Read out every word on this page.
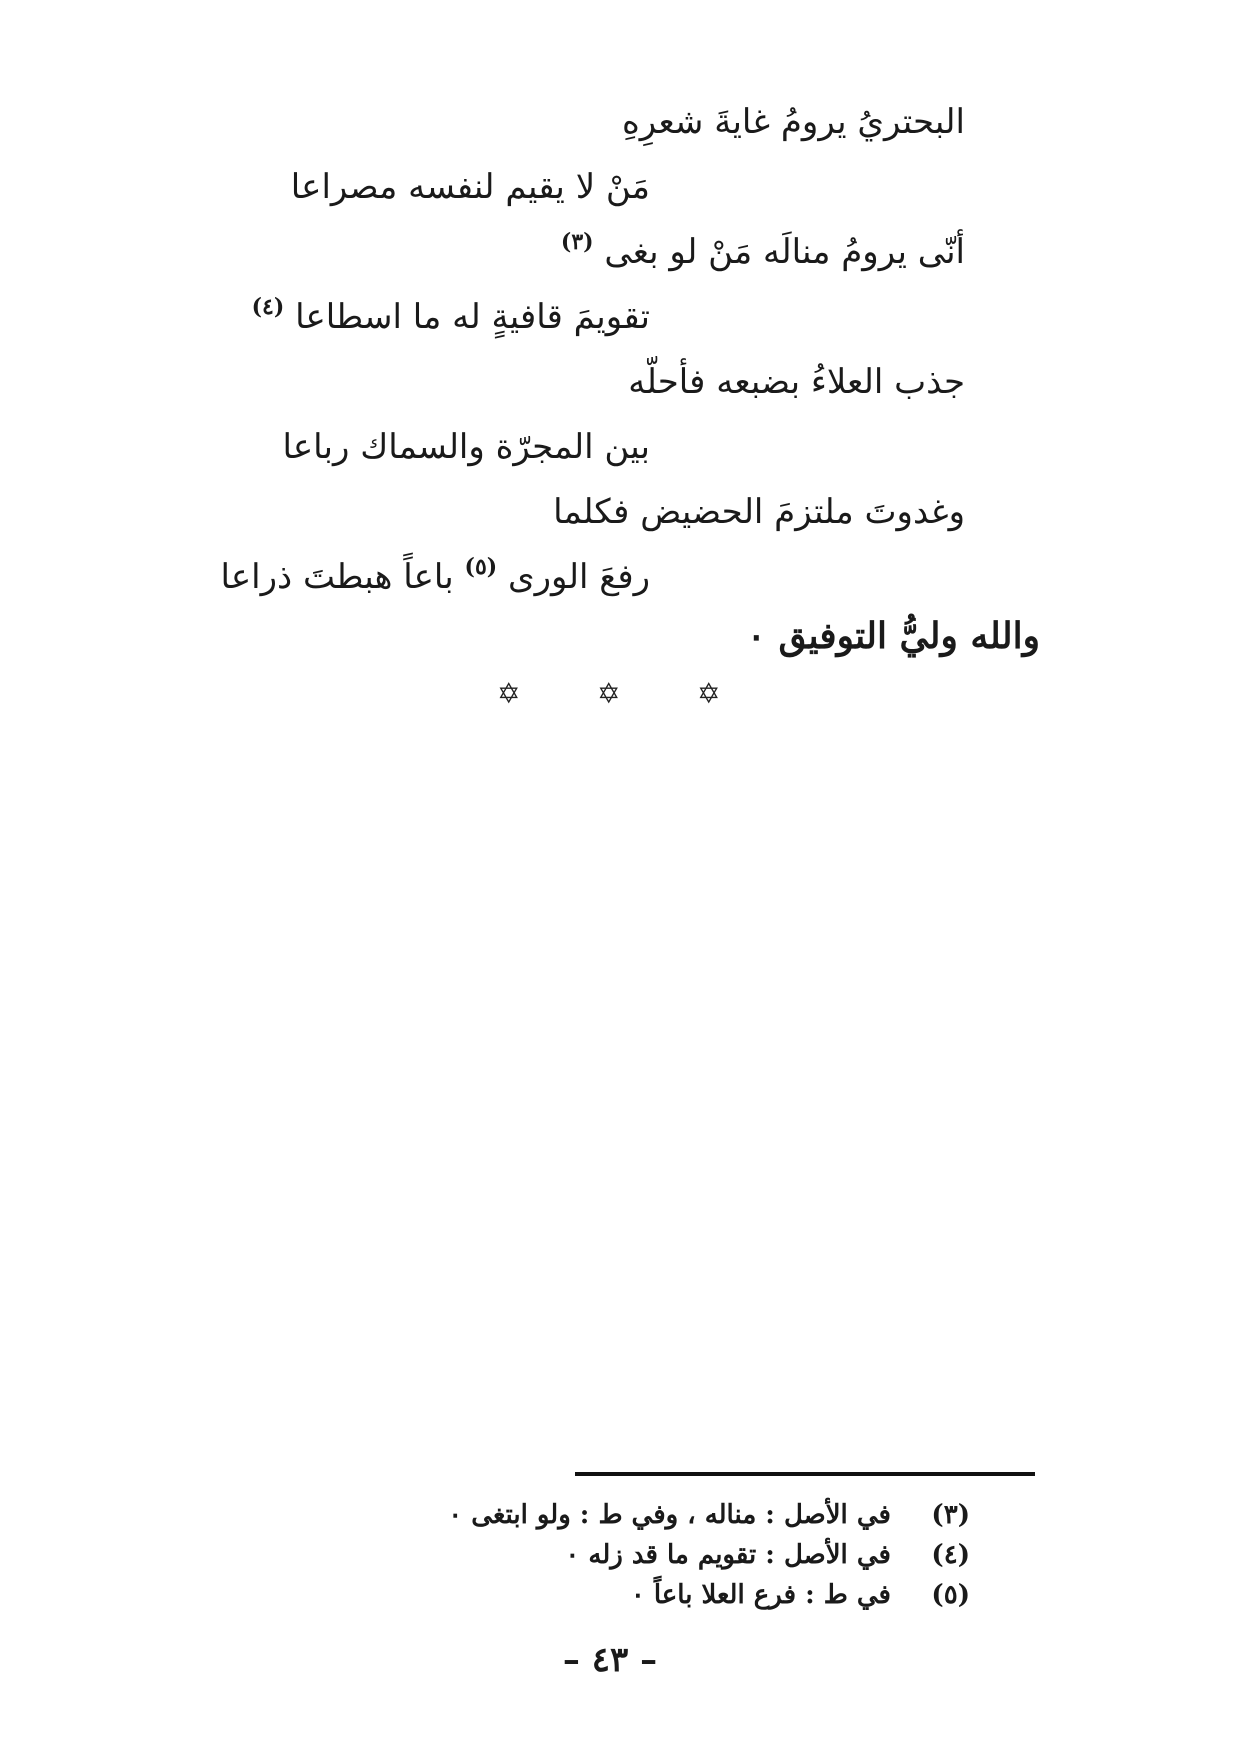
البحتريُ يرومُ غايةَ شعرِهِ
مَنْ لا يقيم لنفسه مصراعا
أنّى يرومُ منالَه مَنْ لو بغى $^{(٣)}$
تقويمَ قافيةٍ له ما اسطاعا $^{(٤)}$
جذب العلاءُ بضبعه فأحلّه
بين المجرّة والسماك رباعا
وغدوتَ ملتزمَ الحضيض فكلما
رفعَ الورى $^{(٥)}$ باعاً هبطتَ ذراعا
والله وليُّ التوفيق ٠
✡	✡	✡
(٣) في الأصل : مناله ، وفي ط : ولو ابتغى ٠
(٤) في الأصل : تقويم ما قد زله ٠
(٥) في ط : فرع العلا باعاً ٠
– ٤٣ –
